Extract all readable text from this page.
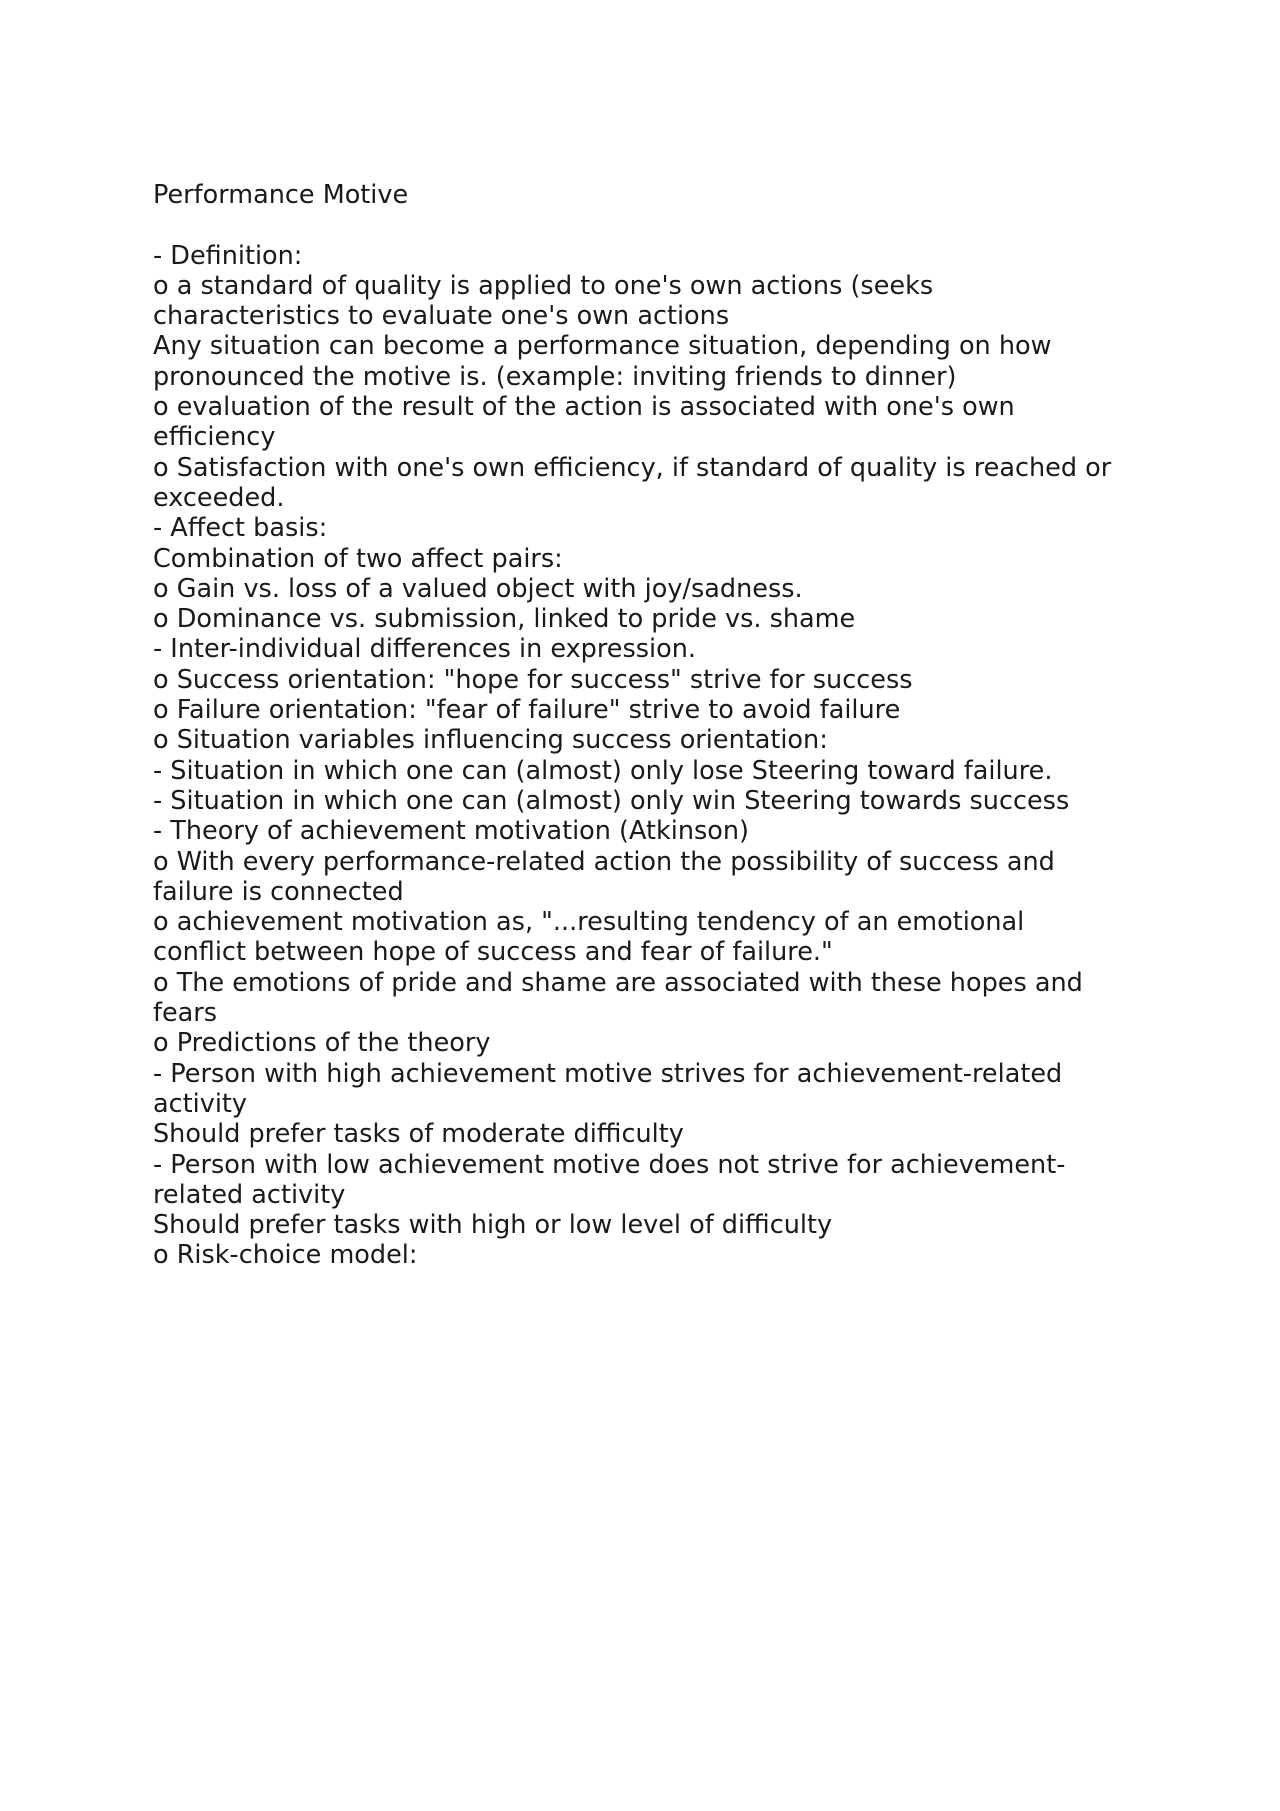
Performance Motive

- Definition:

o a standard of quality is applied to one's own actions (seeks

characteristics to evaluate one's own actions

Any situation can become a performance situation, depending on how

pronounced the motive is. (example: inviting friends to dinner)

o evaluation of the result of the action is associated with one's own

efficiency

o Satisfaction with one's own efficiency, if standard of quality is reached or

exceeded.

- Affect basis:

Combination of two affect pairs:

o Gain vs. loss of a valued object with joy/sadness.

o Dominance vs. submission, linked to pride vs. shame

- Inter-individual differences in expression.

o Success orientation: "hope for success" strive for success

o Failure orientation: "fear of failure" strive to avoid failure

o Situation variables influencing success orientation:

- Situation in which one can (almost) only lose Steering toward failure.

- Situation in which one can (almost) only win Steering towards success

- Theory of achievement motivation (Atkinson)

o With every performance-related action the possibility of success and

failure is connected

o achievement motivation as, "...resulting tendency of an emotional

conflict between hope of success and fear of failure."

o The emotions of pride and shame are associated with these hopes and

fears

o Predictions of the theory

- Person with high achievement motive strives for achievement-related

activity

Should prefer tasks of moderate difficulty

- Person with low achievement motive does not strive for achievement-

related activity

Should prefer tasks with high or low level of difficulty

o Risk-choice model:
